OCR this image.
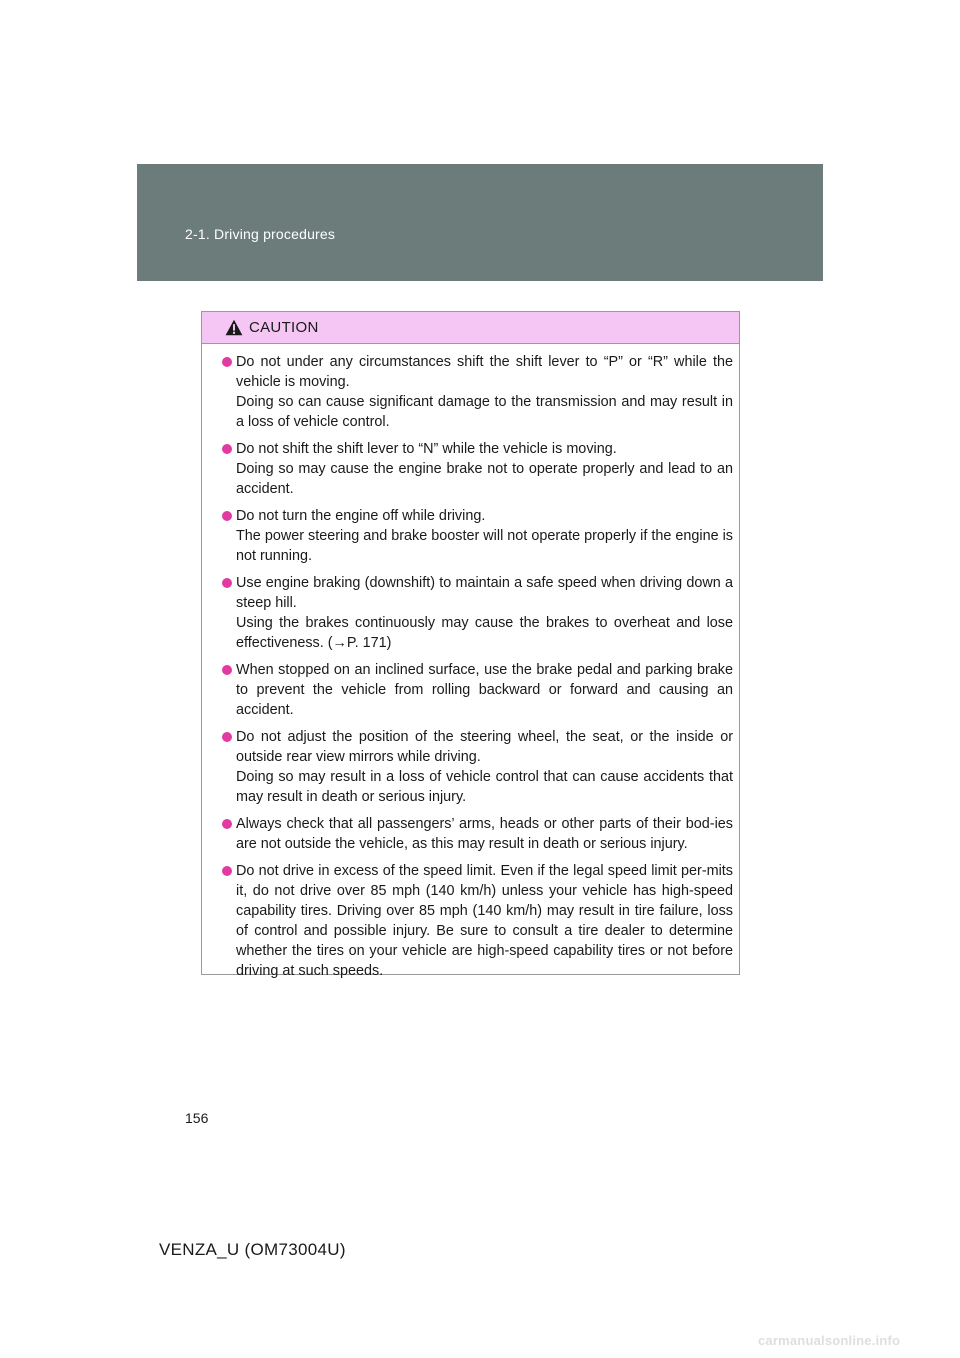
2-1. Driving procedures
CAUTION
Do not under any circumstances shift the shift lever to “P” or “R” while the vehicle is moving.
Doing so can cause significant damage to the transmission and may result in a loss of vehicle control.
Do not shift the shift lever to “N” while the vehicle is moving.
Doing so may cause the engine brake not to operate properly and lead to an accident.
Do not turn the engine off while driving.
The power steering and brake booster will not operate properly if the engine is not running.
Use engine braking (downshift) to maintain a safe speed when driving down a steep hill.
Using the brakes continuously may cause the brakes to overheat and lose effectiveness. (→P. 171)
When stopped on an inclined surface, use the brake pedal and parking brake to prevent the vehicle from rolling backward or forward and causing an accident.
Do not adjust the position of the steering wheel, the seat, or the inside or outside rear view mirrors while driving.
Doing so may result in a loss of vehicle control that can cause accidents that may result in death or serious injury.
Always check that all passengers’ arms, heads or other parts of their bod-ies are not outside the vehicle, as this may result in death or serious injury.
Do not drive in excess of the speed limit. Even if the legal speed limit per-mits it, do not drive over 85 mph (140 km/h) unless your vehicle has high-speed capability tires. Driving over 85 mph (140 km/h) may result in tire failure, loss of control and possible injury. Be sure to consult a tire dealer to determine whether the tires on your vehicle are high-speed capability tires or not before driving at such speeds.
156
VENZA_U (OM73004U)
carmanualsonline.info
